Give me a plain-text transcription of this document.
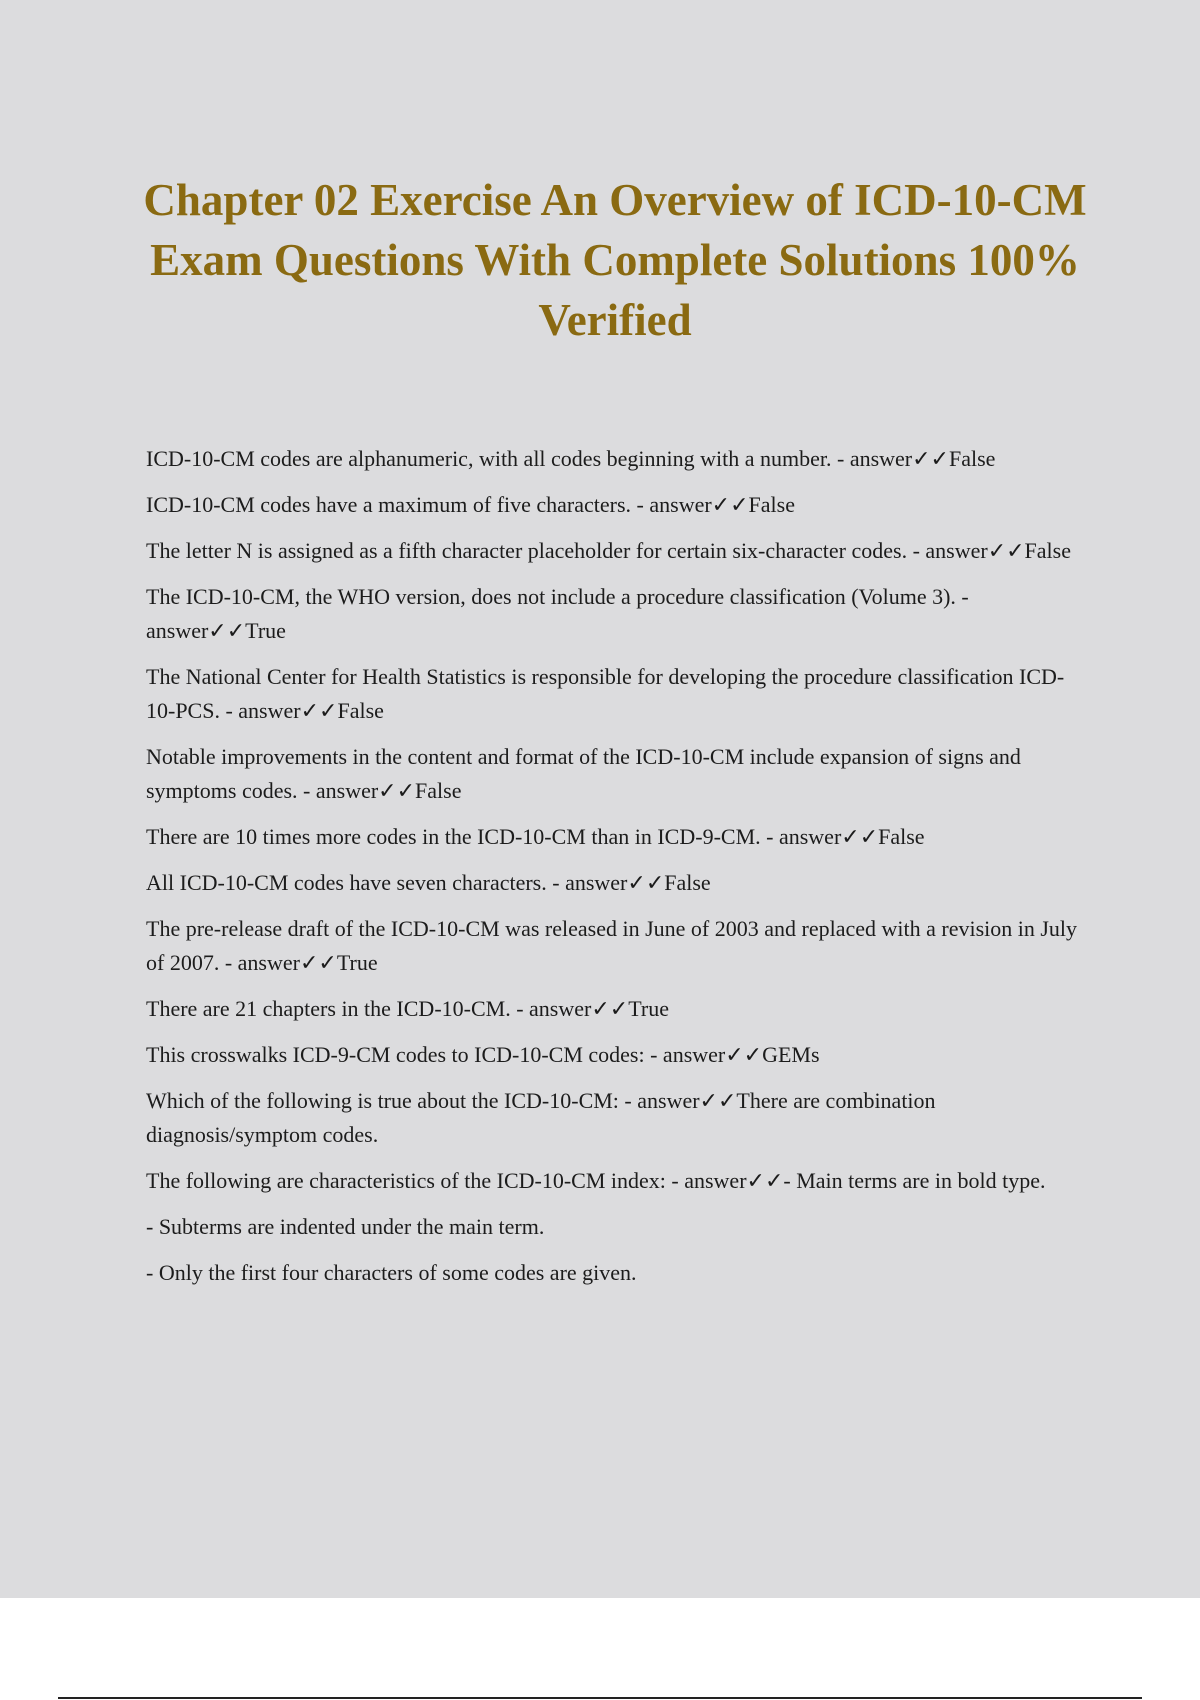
Chapter 02 Exercise An Overview of ICD-10-CM Exam Questions With Complete Solutions 100% Verified

ICD-10-CM codes are alphanumeric, with all codes beginning with a number. - answer✓✓False

ICD-10-CM codes have a maximum of five characters. - answer✓✓False

The letter N is assigned as a fifth character placeholder for certain six-character codes. - answer✓✓False

The ICD-10-CM, the WHO version, does not include a procedure classification (Volume 3). - answer✓✓True

The National Center for Health Statistics is responsible for developing the procedure classification ICD-10-PCS. - answer✓✓False

Notable improvements in the content and format of the ICD-10-CM include expansion of signs and symptoms codes. - answer✓✓False

There are 10 times more codes in the ICD-10-CM than in ICD-9-CM. - answer✓✓False

All ICD-10-CM codes have seven characters. - answer✓✓False

The pre-release draft of the ICD-10-CM was released in June of 2003 and replaced with a revision in July of 2007. - answer✓✓True

There are 21 chapters in the ICD-10-CM. - answer✓✓True

This crosswalks ICD-9-CM codes to ICD-10-CM codes: - answer✓✓GEMs

Which of the following is true about the ICD-10-CM: - answer✓✓There are combination diagnosis/symptom codes.

The following are characteristics of the ICD-10-CM index: - answer✓✓- Main terms are in bold type.

- Subterms are indented under the main term.

- Only the first four characters of some codes are given.
